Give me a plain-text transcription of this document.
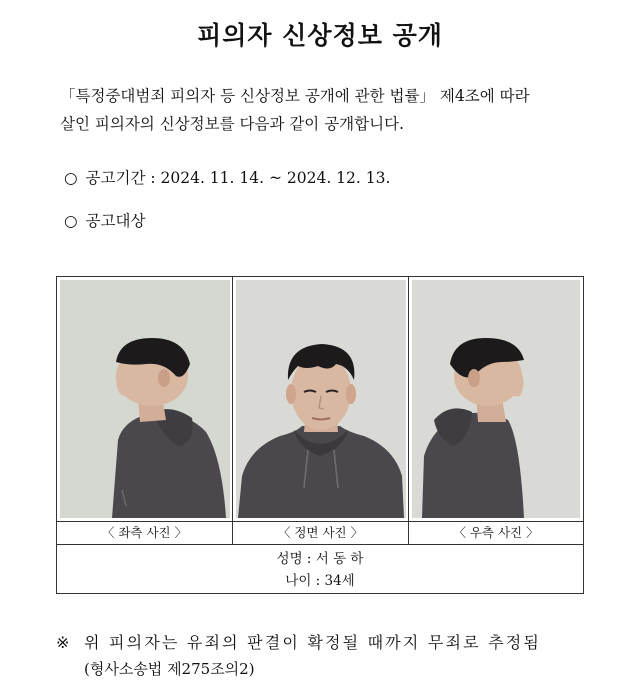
피의자 신상정보 공개
「특정중대범죄 피의자 등 신상정보 공개에 관한 법률」 제4조에 따라
살인 피의자의 신상정보를 다음과 같이 공개합니다.
○ 공고기간 : 2024. 11. 14. ~ 2024. 12. 13.
○ 공고대상
〈 좌측 사진 〉	〈 정면 사진 〉	〈 우측 사진 〉
성명 : 서 동 하
나이 : 34세
※ 위 피의자는 유죄의 판결이 확정될 때까지 무죄로 추정됨
(형사소송법 제275조의2)
